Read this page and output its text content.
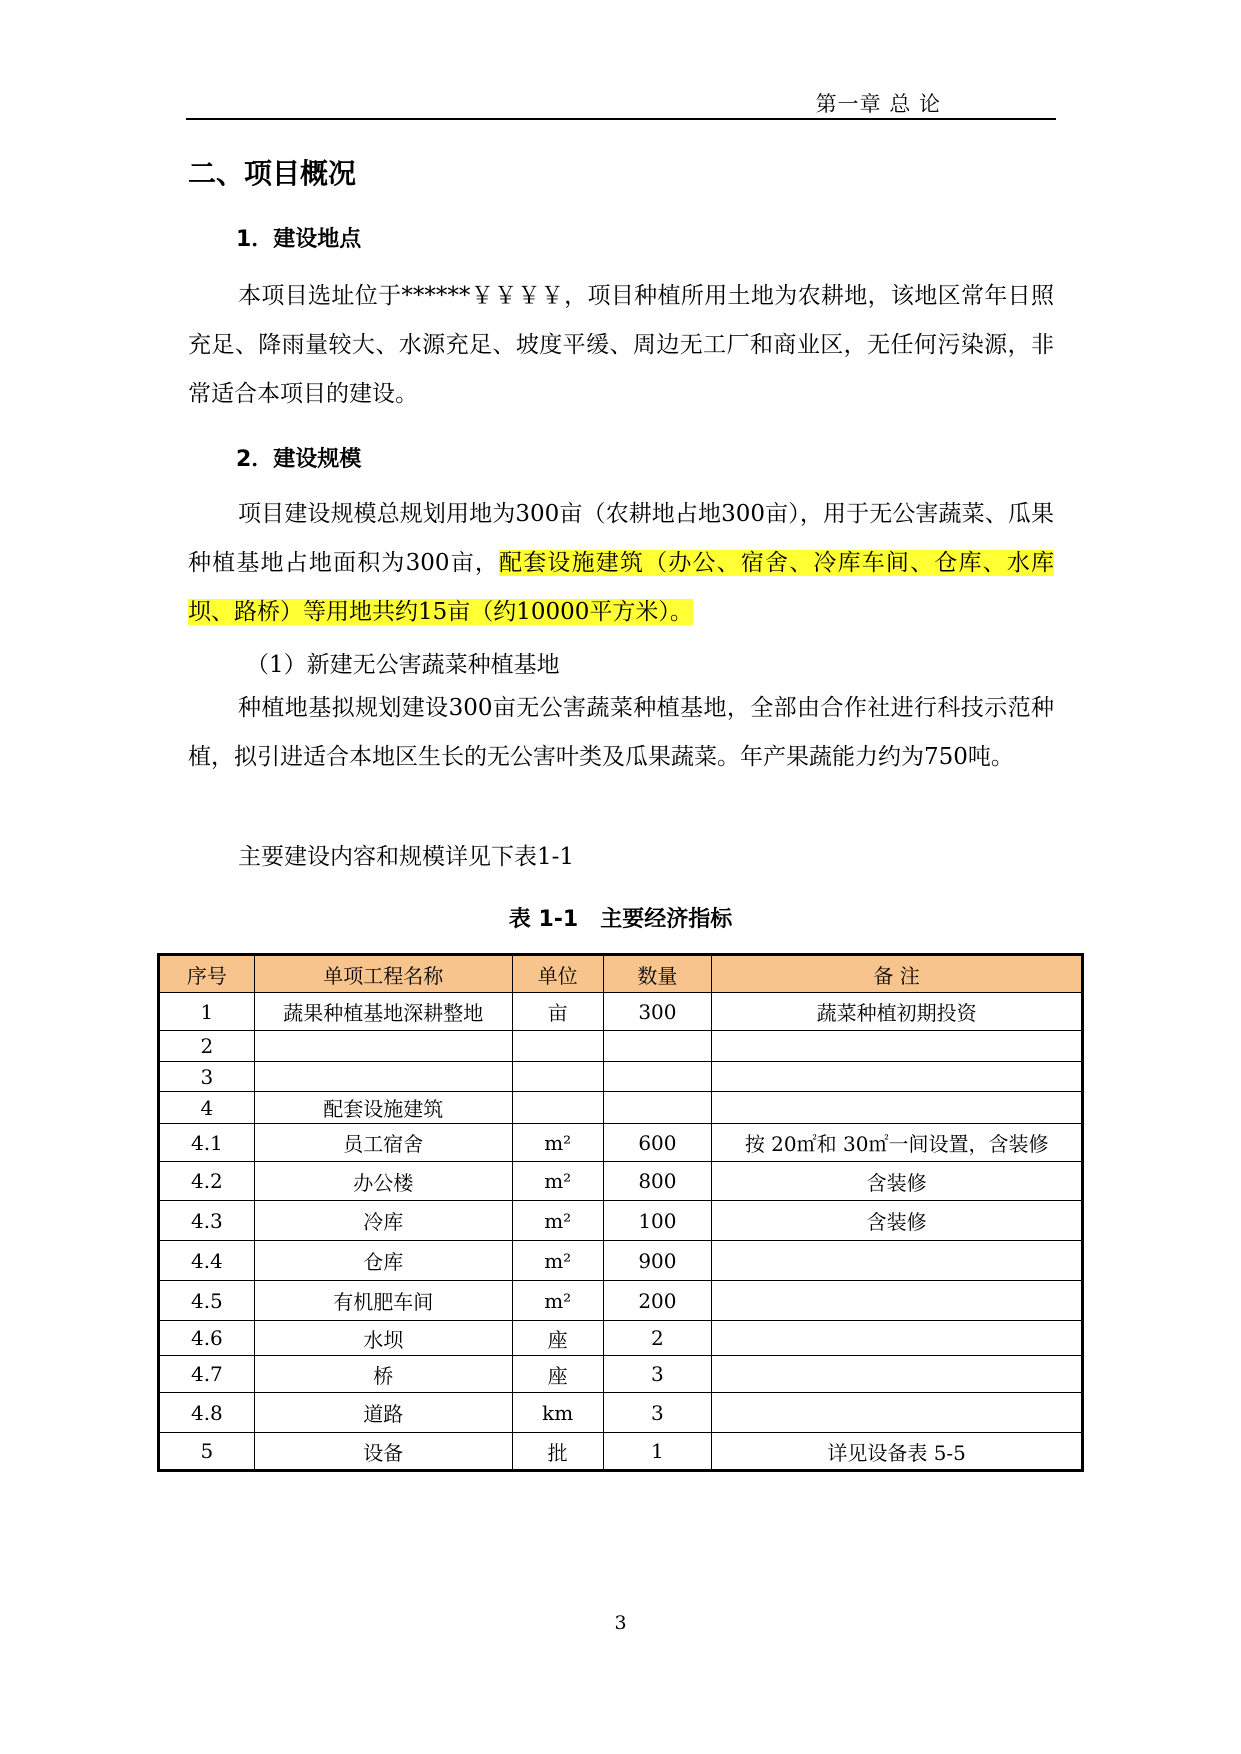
第一章 总 论
二、项目概况
1．建设地点

本项目选址位于******￥￥￥￥，项目种植所用土地为农耕地，该地区常年日照充足、降雨量较大、水源充足、坡度平缓、周边无工厂和商业区，无任何污染源，非常适合本项目的建设。

2．建设规模

项目建设规模总规划用地为300亩（农耕地占地300亩），用于无公害蔬菜、瓜果种植基地占地面积为300亩，配套设施建筑（办公、宿舍、冷库车间、仓库、水库坝、路桥）等用地共约15亩（约10000平方米）。

（1）新建无公害蔬菜种植基地

种植地基拟规划建设300亩无公害蔬菜种植基地，全部由合作社进行科技示范种植，拟引进适合本地区生长的无公害叶类及瓜果蔬菜。年产果蔬能力约为750吨。

主要建设内容和规模详见下表1-1
表 1-1　主要经济指标
序号	单项工程名称	单位	数量	备 注
1	蔬果种植基地深耕整地	亩	300	蔬菜种植初期投资
2				
3				
4	配套设施建筑			
4.1	员工宿舍	m²	600	按 20㎡和 30㎡一间设置，含装修
4.2	办公楼	m²	800	含装修
4.3	冷库	m²	100	含装修
4.4	仓库	m²	900	
4.5	有机肥车间	m²	200	
4.6	水坝	座	2	
4.7	桥	座	3	
4.8	道路	km	3	
5	设备	批	1	详见设备表 5-5
3
